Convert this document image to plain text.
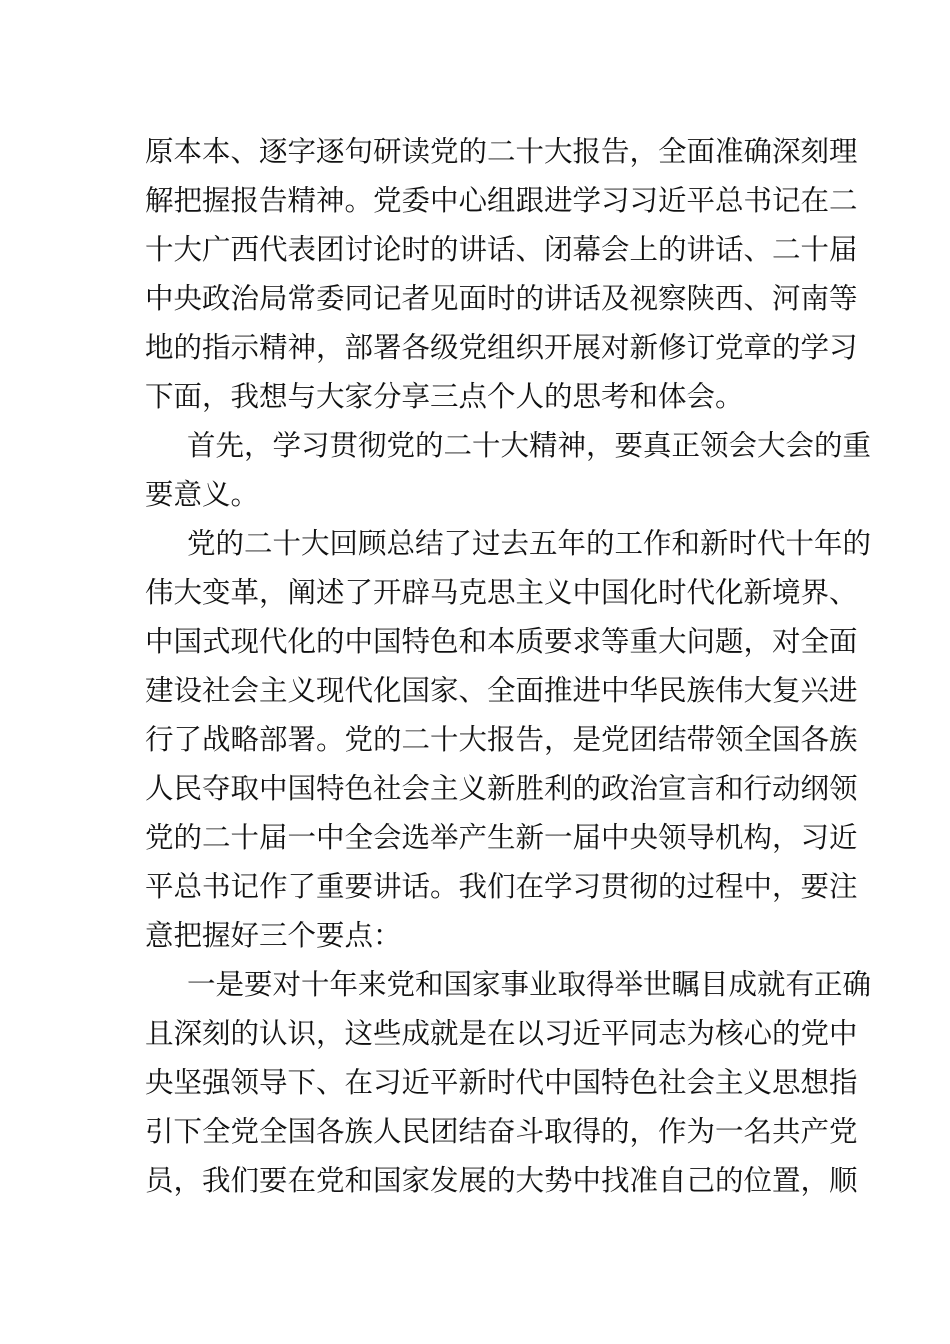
原本本、逐字逐句研读党的二十大报告，全面准确深刻理
解把握报告精神。党委中心组跟进学习习近平总书记在二
十大广西代表团讨论时的讲话、闭幕会上的讲话、二十届
中央政治局常委同记者见面时的讲话及视察陕西、河南等
地的指示精神，部署各级党组织开展对新修订党章的学习
下面，我想与大家分享三点个人的思考和体会。
首先，学习贯彻党的二十大精神，要真正领会大会的重
要意义。
党的二十大回顾总结了过去五年的工作和新时代十年的
伟大变革，阐述了开辟马克思主义中国化时代化新境界、
中国式现代化的中国特色和本质要求等重大问题，对全面
建设社会主义现代化国家、全面推进中华民族伟大复兴进
行了战略部署。党的二十大报告，是党团结带领全国各族
人民夺取中国特色社会主义新胜利的政治宣言和行动纲领
党的二十届一中全会选举产生新一届中央领导机构，习近
平总书记作了重要讲话。我们在学习贯彻的过程中，要注
意把握好三个要点：
一是要对十年来党和国家事业取得举世瞩目成就有正确
且深刻的认识，这些成就是在以习近平同志为核心的党中
央坚强领导下、在习近平新时代中国特色社会主义思想指
引下全党全国各族人民团结奋斗取得的，作为一名共产党
员，我们要在党和国家发展的大势中找准自己的位置，顺
